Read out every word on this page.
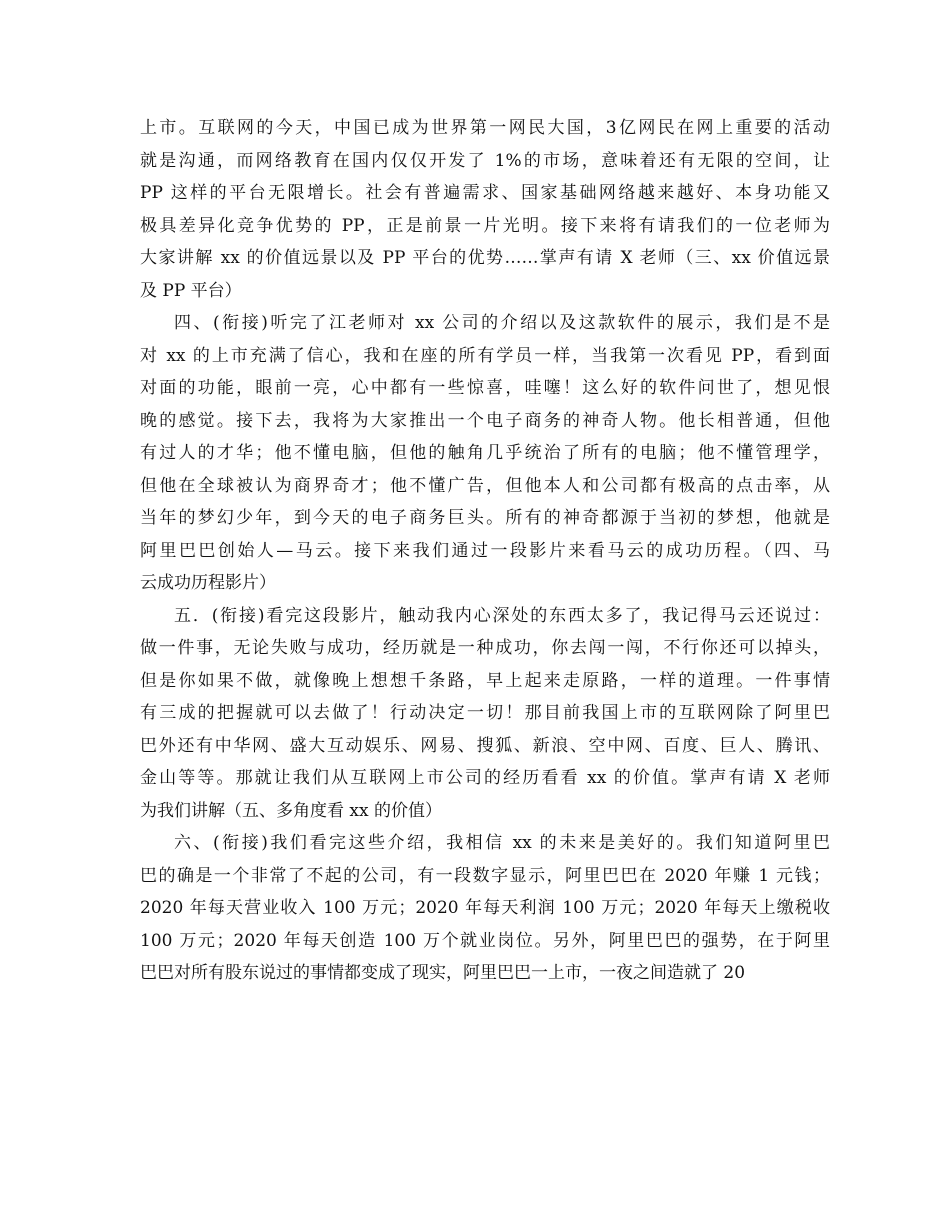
上市。互联网的今天，中国已成为世界第一网民大国，3亿网民在网上重要的活动
就是沟通，而网络教育在国内仅仅开发了 1%的市场，意味着还有无限的空间，让
PP 这样的平台无限增长。社会有普遍需求、国家基础网络越来越好、本身功能又
极具差异化竞争优势的 PP，正是前景一片光明。接下来将有请我们的一位老师为
大家讲解 xx 的价值远景以及 PP 平台的优势……掌声有请 X 老师（三、xx 价值远景
及 PP 平台）
四、(衔接)听完了江老师对 xx 公司的介绍以及这款软件的展示，我们是不是
对 xx 的上市充满了信心，我和在座的所有学员一样，当我第一次看见 PP，看到面
对面的功能，眼前一亮，心中都有一些惊喜，哇噻！这么好的软件问世了，想见恨
晚的感觉。接下去，我将为大家推出一个电子商务的神奇人物。他长相普通，但他
有过人的才华；他不懂电脑，但他的触角几乎统治了所有的电脑；他不懂管理学，
但他在全球被认为商界奇才；他不懂广告，但他本人和公司都有极高的点击率，从
当年的梦幻少年，到今天的电子商务巨头。所有的神奇都源于当初的梦想，他就是
阿里巴巴创始人—马云。接下来我们通过一段影片来看马云的成功历程。（四、马
云成功历程影片）
五．(衔接)看完这段影片，触动我内心深处的东西太多了，我记得马云还说过：
做一件事，无论失败与成功，经历就是一种成功，你去闯一闯，不行你还可以掉头，
但是你如果不做，就像晚上想想千条路，早上起来走原路，一样的道理。一件事情
有三成的把握就可以去做了！行动决定一切！那目前我国上市的互联网除了阿里巴
巴外还有中华网、盛大互动娱乐、网易、搜狐、新浪、空中网、百度、巨人、腾讯、
金山等等。那就让我们从互联网上市公司的经历看看 xx 的价值。掌声有请 X 老师
为我们讲解（五、多角度看 xx 的价值）
六、(衔接)我们看完这些介绍，我相信 xx 的未来是美好的。我们知道阿里巴
巴的确是一个非常了不起的公司，有一段数字显示，阿里巴巴在 2020 年赚 1 元钱；
2020 年每天营业收入 100 万元；2020 年每天利润 100 万元；2020 年每天上缴税收
100 万元；2020 年每天创造 100 万个就业岗位。另外，阿里巴巴的强势，在于阿里
巴巴对所有股东说过的事情都变成了现实，阿里巴巴一上市，一夜之间造就了 20
